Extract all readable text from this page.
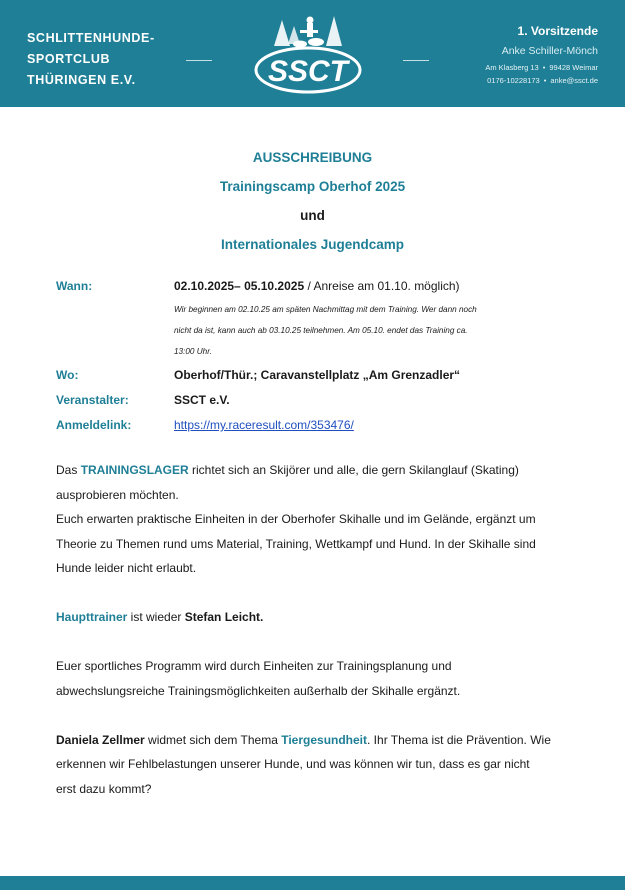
SCHLITTENHUNDE-
SPORTCLUB
THÜRINGEN E.V.	SSCT
1. Vorsitzende
Anke Schiller-Mönch
Am Klasberg 13 • 99428 Weimar
0176-10228173 • anke@ssct.de
AUSSCHREIBUNG
Trainingscamp Oberhof 2025
und
Internationales Jugendcamp
Wann:	02.10.2025– 05.10.2025 / Anreise am 01.10. möglich)
Wir beginnen am 02.10.25 am späten Nachmittag mit dem Training. Wer dann noch
nicht da ist, kann auch ab 03.10.25 teilnehmen. Am 05.10. endet das Training ca.
13:00 Uhr.
Wo:	Oberhof/Thür.; Caravanstellplatz „Am Grenzadler“
Veranstalter:	SSCT e.V.
Anmeldelink:	https://my.raceresult.com/353476/

Das TRAININGSLAGER richtet sich an Skijörer und alle, die gern Skilanglauf (Skating)

ausprobieren möchten.

Euch erwarten praktische Einheiten in der Oberhofer Skihalle und im Gelände, ergänzt um

Theorie zu Themen rund ums Material, Training, Wettkampf und Hund. In der Skihalle sind

Hunde leider nicht erlaubt.

Haupttrainer ist wieder Stefan Leicht.

Euer sportliches Programm wird durch Einheiten zur Trainingsplanung und

abwechslungsreiche Trainingsmöglichkeiten außerhalb der Skihalle ergänzt.

Daniela Zellmer widmet sich dem Thema Tiergesundheit. Ihr Thema ist die Prävention. Wie

erkennen wir Fehlbelastungen unserer Hunde, und was können wir tun, dass es gar nicht

erst dazu kommt?
